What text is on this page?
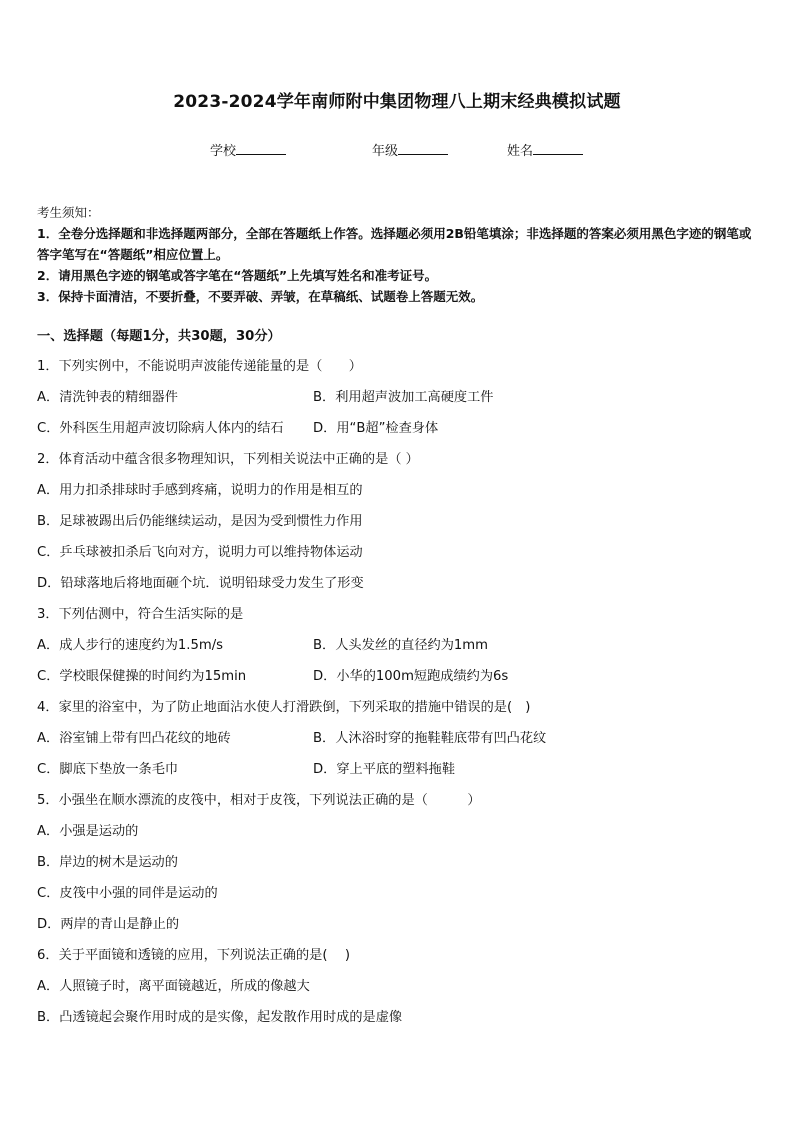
2023-2024学年南师附中集团物理八上期末经典模拟试题
学校	年级	姓名
考生须知：
1．全卷分选择题和非选择题两部分，全部在答题纸上作答。选择题必须用2B铅笔填涂；非选择题的答案必须用黑色字迹的钢笔或答字笔写在“答题纸”相应位置上。
2．请用黑色字迹的钢笔或答字笔在“答题纸”上先填写姓名和准考证号。
3．保持卡面清洁，不要折叠，不要弄破、弄皱，在草稿纸、试题卷上答题无效。
一、选择题（每题1分，共30题，30分）
1．下列实例中，不能说明声波能传递能量的是（　　）
A．清洗钟表的精细器件	B．利用超声波加工高硬度工件
C．外科医生用超声波切除病人体内的结石 D．用“B超”检查身体
2．体育活动中蕴含很多物理知识，下列相关说法中正确的是（ ）
A．用力扣杀排球时手感到疼痛，说明力的作用是相互的
B．足球被踢出后仍能继续运动，是因为受到惯性力作用
C．乒乓球被扣杀后飞向对方，说明力可以维持物体运动
D．铅球落地后将地面砸个坑．说明铅球受力发生了形变
3．下列估测中，符合生活实际的是
A．成人步行的速度约为1.5m/s	B．人头发丝的直径约为1mm
C．学校眼保健操的时间约为15min	D．小华的100m短跑成绩约为6s
4．家里的浴室中，为了防止地面沾水使人打滑跌倒，下列采取的措施中错误的是(　)
A．浴室铺上带有凹凸花纹的地砖	B．人沐浴时穿的拖鞋鞋底带有凹凸花纹
C．脚底下垫放一条毛巾	D．穿上平底的塑料拖鞋
5．小强坐在顺水漂流的皮筏中，相对于皮筏，下列说法正确的是（　　　）
A．小强是运动的
B．岸边的树木是运动的
C．皮筏中小强的同伴是运动的
D．两岸的青山是静止的
6．关于平面镜和透镜的应用，下列说法正确的是(　 )
A．人照镜子时，离平面镜越近，所成的像越大
B．凸透镜起会聚作用时成的是实像，起发散作用时成的是虚像
